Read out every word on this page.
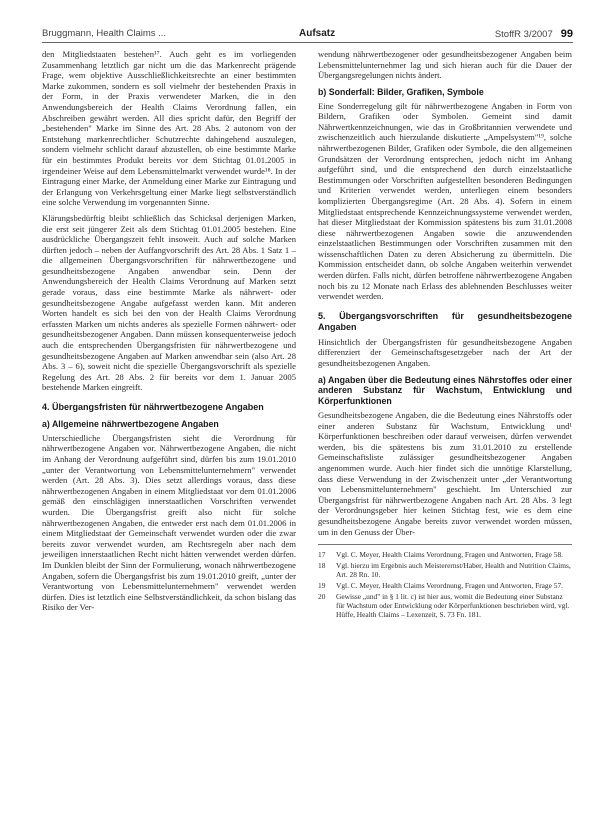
Bruggmann, Health Claims ...	Aufsatz	StoffR 3/2007 99

den Mitgliedstaaten bestehen¹⁷. Auch geht es im vorliegenden Zusammenhang letztlich gar nicht um die das Markenrecht prägende Frage, wem objektive Ausschließlichkeitsrechte an einer bestimmten Marke zukommen, sondern es soll vielmehr der bestehenden Praxis in der Form, in der Praxis verwendeter Marken, die in den Anwendungsbereich der Health Claims Verordnung fallen, ein Abschreiben gewährt werden. All dies spricht dafür, den Begriff der „bestehenden" Marke im Sinne des Art. 28 Abs. 2 autonom von der Entstehung markenrechtlicher Schutzrechte dahingehend auszulegen, sondern vielmehr schlicht darauf abzustellen, ob eine bestimmte Marke für ein bestimmtes Produkt bereits vor dem Stichtag 01.01.2005 in irgendeiner Weise auf dem Lebensmittelmarkt verwendet wurde¹⁸. In der Eintragung einer Marke, der Anmeldung einer Marke zur Eintragung und der Erlangung von Verkehrsgeltung einer Marke liegt selbstverständlich eine solche Verwendung im vorgenannten Sinne.

Klärungsbedürftig bleibt schließlich das Schicksal derjenigen Marken, die erst seit jüngerer Zeit als dem Stichtag 01.01.2005 bestehen. Eine ausdrückliche Übergangszeit fehlt insoweit. Auch auf solche Marken dürften jedoch – neben der Auffangvorschrift des Art. 28 Abs. 1 Satz 1 – die allgemeinen Übergangsvorschriften für nährwertbezogene und gesundheitsbezogene Angaben anwendbar sein. Denn der Anwendungsbereich der Health Claims Verordnung auf Marken setzt gerade voraus, dass eine bestimmte Marke als nährwert- oder gesundheitsbezogene Angabe aufgefasst werden kann. Mit anderen Worten handelt es sich bei den von der Health Claims Verordnung erfassten Marken um nichts anderes als spezielle Formen nährwert- oder gesundheitsbezogener Angaben. Dann müssen konsequenterweise jedoch auch die entsprechenden Übergangsfristen für nährwertbezogene und gesundheitsbezogene Angaben auf Marken anwendbar sein (also Art. 28 Abs. 3 – 6), soweit nicht die spezielle Übergangsvorschrift als spezielle Regelung des Art. 28 Abs. 2 für bereits vor dem 1. Januar 2005 bestehende Marken eingreift.

4. Übergangsfristen für nährwertbezogene Angaben
a) Allgemeine nährwertbezogene Angaben

Unterschiedliche Übergangsfristen sieht die Verordnung für nährwertbezogene Angaben vor. Nährwertbezogene Angaben, die nicht im Anhang der Verordnung aufgeführt sind, dürfen bis zum 19.01.2010 „unter der Verantwortung von Lebensmittelunternehmern" verwendet werden (Art. 28 Abs. 3). Dies setzt allerdings voraus, dass diese nährwertbezogenen Angaben in einem Mitgliedstaat vor dem 01.01.2006 gemäß den einschlägigen innerstaatlichen Vorschriften verwendet wurden. Die Übergangsfrist greift also nicht für solche nährwertbezogenen Angaben, die entweder erst nach dem 01.01.2006 in einem Mitgliedstaat der Gemeinschaft verwendet wurden oder die zwar bereits zuvor verwendet wurden, am Rechtsregeln aber nach dem jeweiligen innerstaatlichen Recht nicht hätten verwendet werden dürfen. Im Dunklen bleibt der Sinn der Formulierung, wonach nährwertbezogene Angaben, sofern die Übergangsfrist bis zum 19.01.2010 greift, „unter der Verantwortung von Lebensmittelunternehmern" verwendet werden dürfen. Dies ist letztlich eine Selbstverständlichkeit, da schon bislang das Risiko der Ver-

wendung nährwertbezogener oder gesundheitsbezogener Angaben beim Lebensmittelunternehmer lag und sich hieran auch für die Dauer der Übergangsregelungen nichts ändert.

b) Sonderfall: Bilder, Grafiken, Symbole

Eine Sonderregelung gilt für nährwertbezogene Angaben in Form von Bildern, Grafiken oder Symbolen. Gemeint sind damit Nährwertkennzeichnungen, wie das in Großbritannien verwendete und zwischenzeitlich auch hierzulande diskutierte „Ampelsystem"¹⁹, solche nährwertbezogenen Bilder, Grafiken oder Symbole, die den allgemeinen Grundsätzen der Verordnung entsprechen, jedoch nicht im Anhang aufgeführt sind, und die entsprechend den durch einzelstaatliche Bestimmungen oder Vorschriften aufgestellten besonderen Bedingungen und Kriterien verwendet werden, unterliegen einem besonders komplizierten Übergangsregime (Art. 28 Abs. 4). Sofern in einem Mitgliedstaat entsprechende Kennzeichnungssysteme verwendet werden, hat dieser Mitgliedstaat der Kommission spätestens bis zum 31.01.2008 diese nährwertbezogenen Angaben sowie die anzuwendenden einzelstaatlichen Bestimmungen oder Vorschriften zusammen mit den wissenschaftlichen Daten zu deren Absicherung zu übermitteln. Die Kommission entscheidet dann, ob solche Angaben weiterhin verwendet werden dürfen. Falls nicht, dürfen betroffene nährwertbezogene Angaben noch bis zu 12 Monate nach Erlass des ablehnenden Beschlusses weiter verwendet werden.

5. Übergangsvorschriften für gesundheitsbezogene Angaben

Hinsichtlich der Übergangsfristen für gesundheitsbezogene Angaben differenziert der Gemeinschaftsgesetzgeber nach der Art der gesundheitsbezogenen Angaben.

a) Angaben über die Bedeutung eines Nährstoffes oder einer anderen Substanz für Wachstum, Entwicklung und Körperfunktionen

Gesundheitsbezogene Angaben, die die Bedeutung eines Nährstoffs oder einer anderen Substanz für Wachstum, Entwicklung und¹ Körperfunktionen beschreiben oder darauf verweisen, dürfen verwendet werden, bis die spätestens bis zum 31.01.2010 zu erstellende Gemeinschaftsliste zulässiger gesundheitsbezogener Angaben angenommen wurde. Auch hier findet sich die unnötige Klarstellung, dass diese Verwendung in der Zwischenzeit unter „der Verantwortung von Lebensmittelunternehmern" geschieht. Im Unterschied zur Übergangsfrist für nährwertbezogene Angaben nach Art. 28 Abs. 3 legt der Verordnungsgeber hier keinen Stichtag fest, wie es dem eine gesundheitsbezogene Angabe bereits zuvor verwendet worden müssen, um in den Genuss der Über-

17	Vgl. C. Meyer, Health Claims Verordnung, Fragen und Antworten, Frage 58.
18	Vgl. hierzu im Ergebnis auch Meisterernst/Haber, Health and Nutrition Claims, Art. 28 Rn. 10.
19	Vgl. C. Meyer, Health Claims Verordnung, Fragen und Antworten, Frage 57.
20	Gewisse „und" in § 1 lit. c) ist hier aus, womit die Bedeutung einer Substanz für Wachstum oder Entwicklung oder Körperfunktionen beschrieben wird, vgl. Hüffe, Health Claims – Lexenzeit, S. 73 Fn. 181.
